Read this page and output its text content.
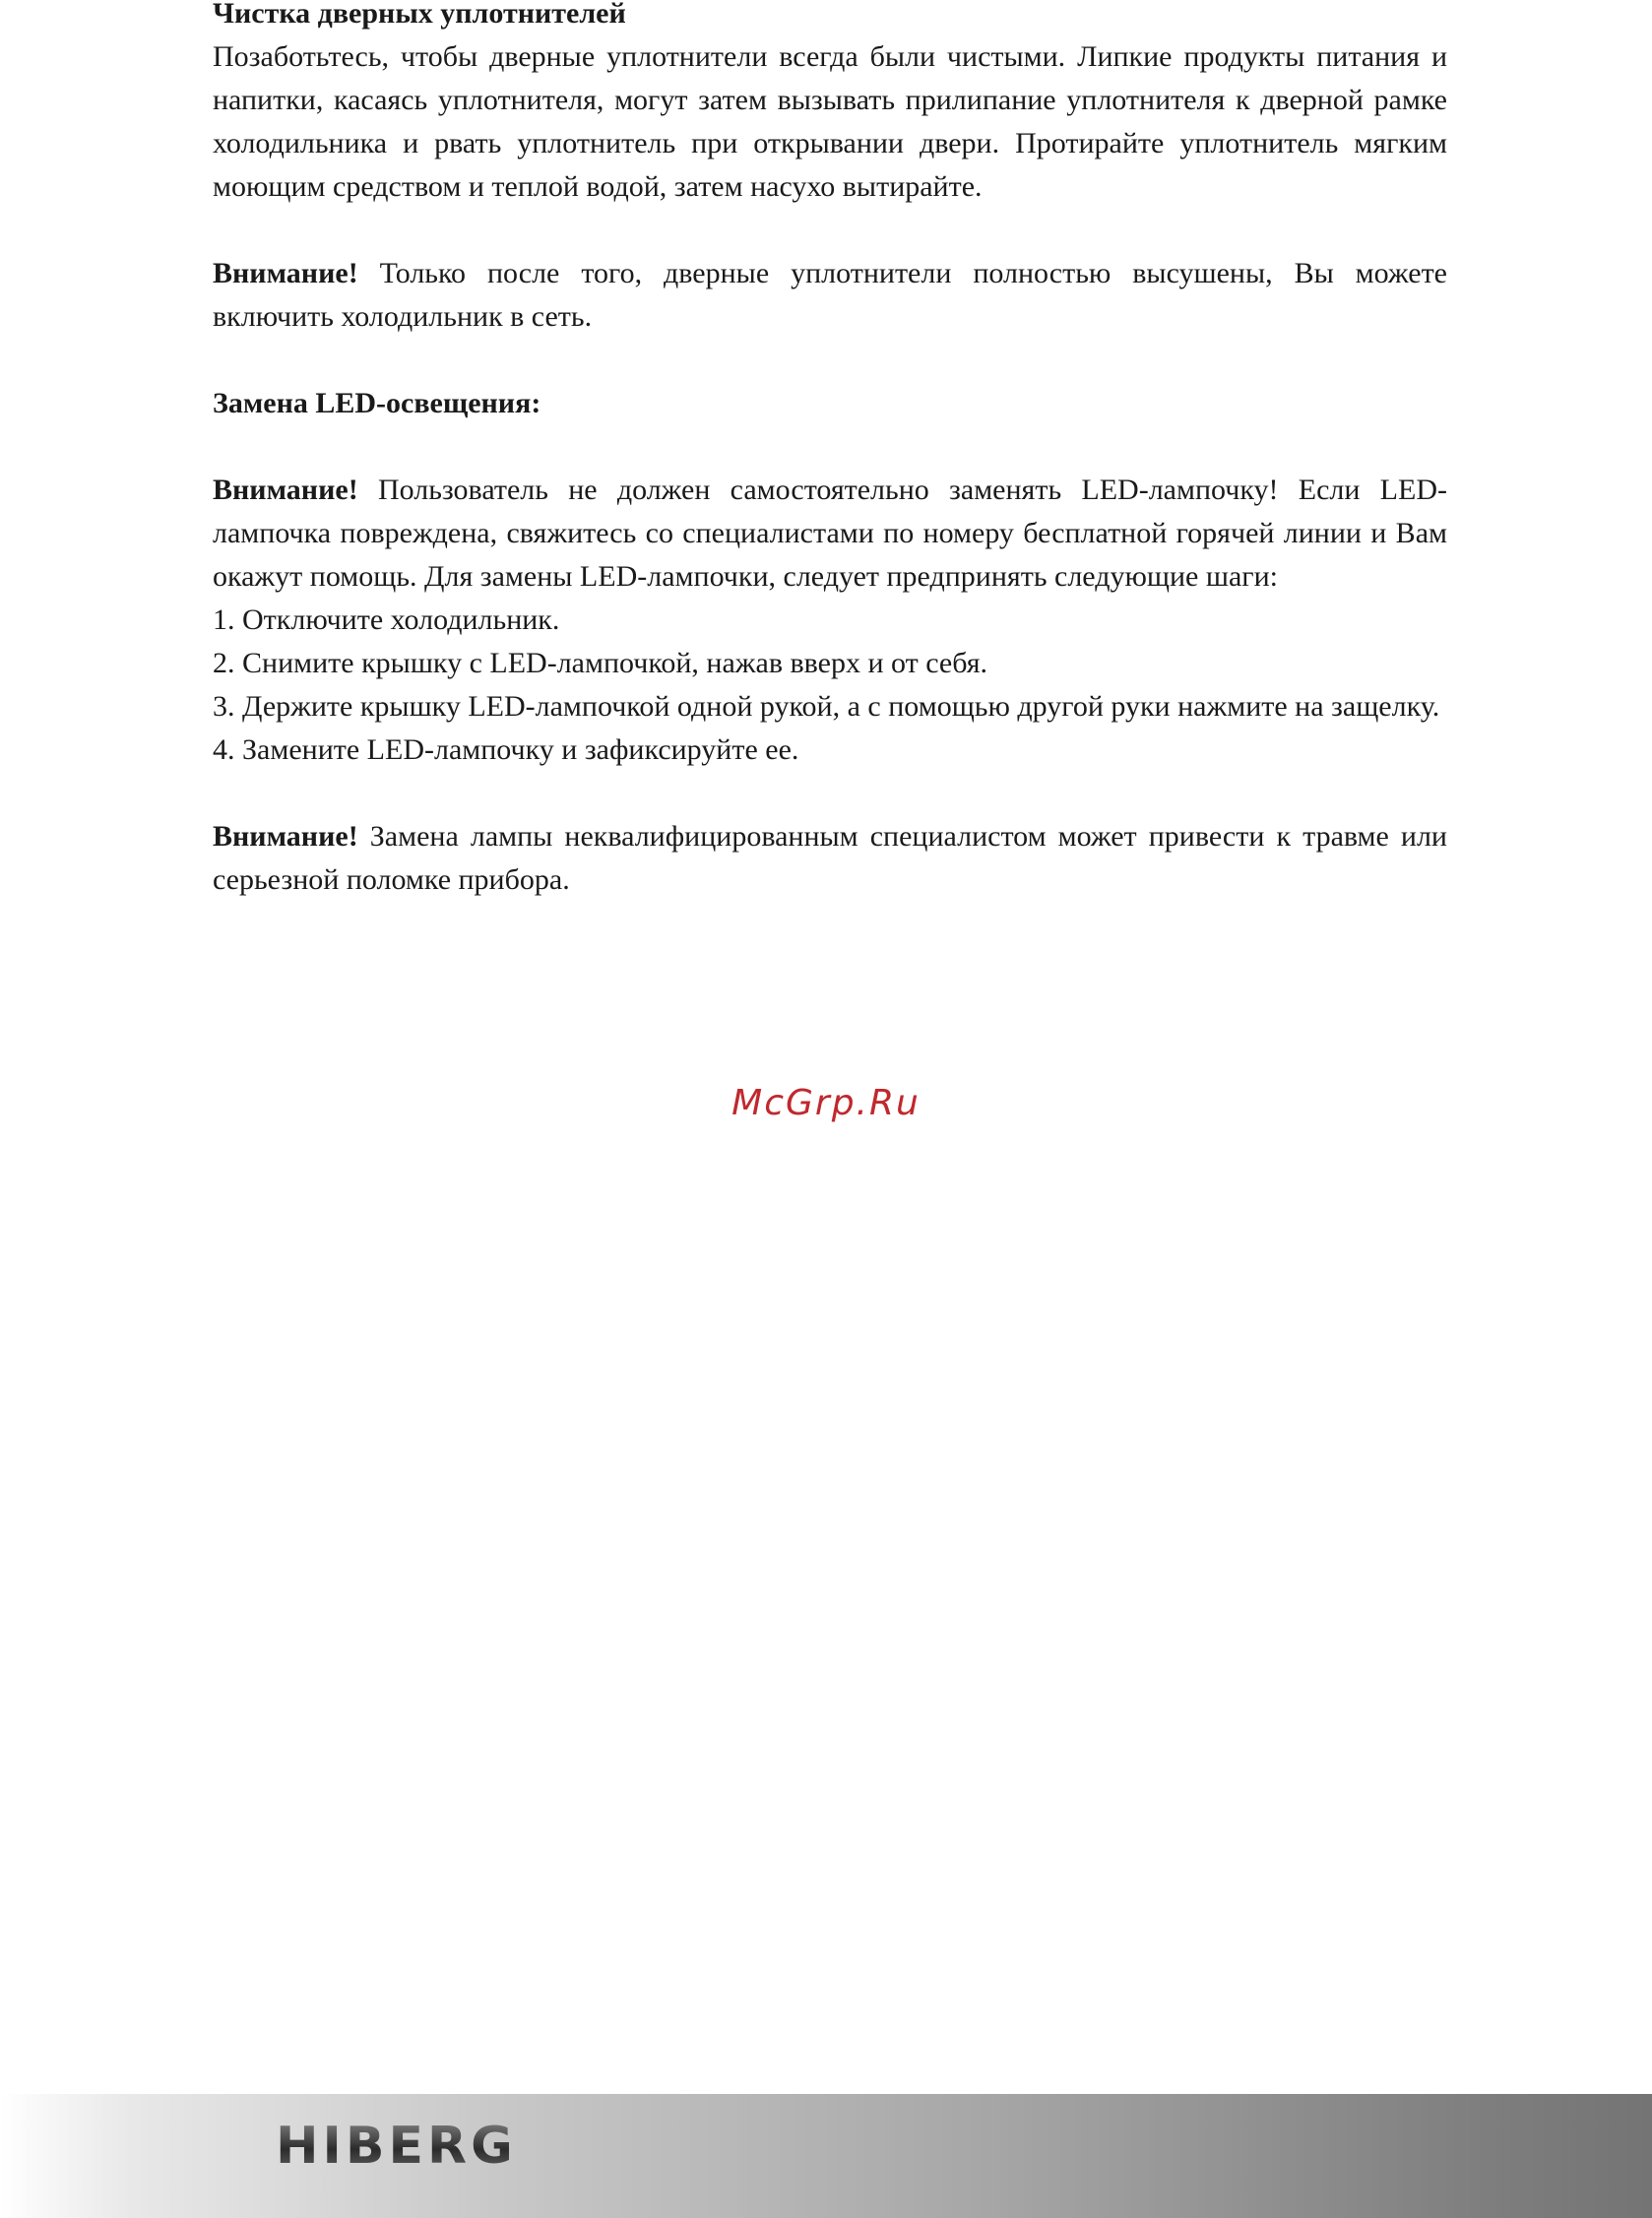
Чистка дверных уплотнителей

Позаботьтесь, чтобы дверные уплотнители всегда были чистыми. Липкие продукты питания и напитки, касаясь уплотнителя, могут затем вызывать прилипание уплотнителя к дверной рамке холодильника и рвать уплотнитель при открывании двери. Протирайте уплотнитель мягким моющим средством и теплой водой, затем насухо вытирайте.

Внимание! Только после того, дверные уплотнители полностью высушены, Вы можете включить холодильник в сеть.

Замена LED-освещения:

Внимание! Пользователь не должен самостоятельно заменять LED-лампочку! Если LED-лампочка повреждена, свяжитесь со специалистами по номеру бесплатной горячей линии и Вам окажут помощь. Для замены LED-лампочки, следует предпринять следующие шаги:

1. Отключите холодильник.

2. Снимите крышку с LED-лампочкой, нажав вверх и от себя.

3. Держите крышку LED-лампочкой одной рукой, а с помощью другой руки нажмите на защелку.

4. Замените LED-лампочку и зафиксируйте ее.

Внимание! Замена лампы неквалифицированным специалистом может привести к травме или серьезной поломке прибора.

McGrp.Ru
HIBERG
